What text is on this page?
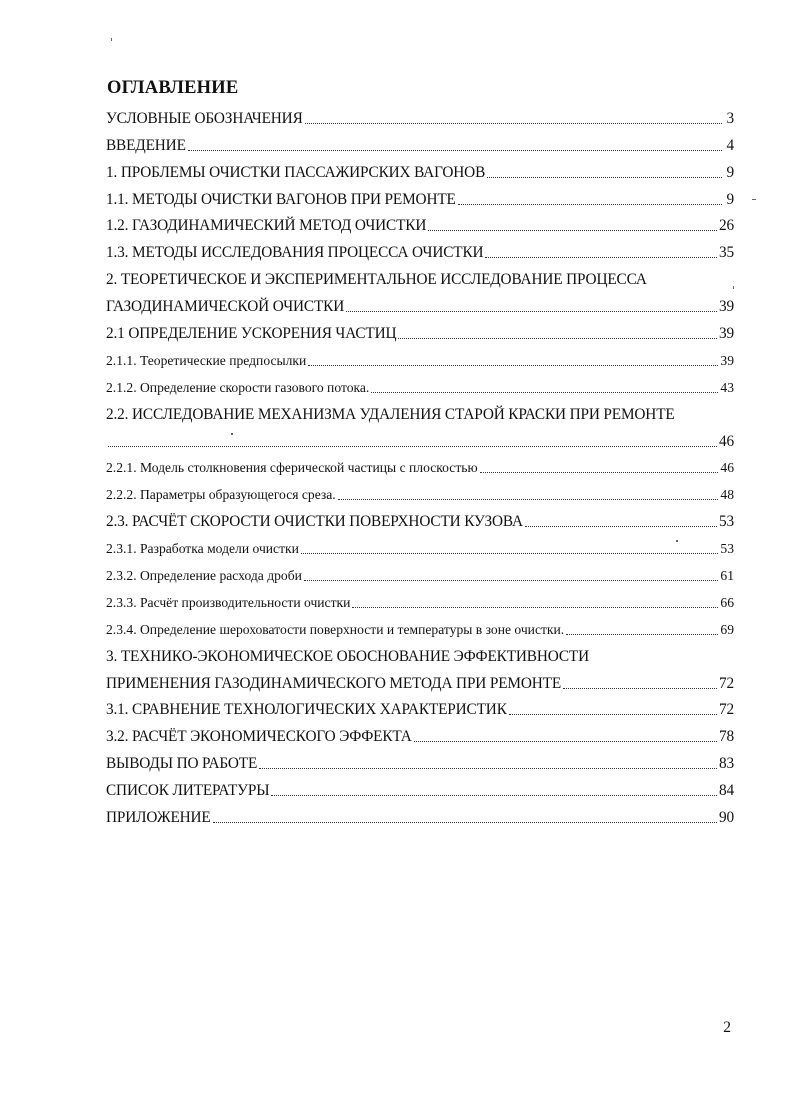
ОГЛАВЛЕНИЕ
УСЛОВНЫЕ ОБОЗНАЧЕНИЯ	3
ВВЕДЕНИЕ	4
1. ПРОБЛЕМЫ ОЧИСТКИ ПАССАЖИРСКИХ ВАГОНОВ	9
1.1. МЕТОДЫ ОЧИСТКИ ВАГОНОВ ПРИ РЕМОНТЕ	9
1.2. ГАЗОДИНАМИЧЕСКИЙ МЕТОД ОЧИСТКИ	26
1.3. МЕТОДЫ ИССЛЕДОВАНИЯ ПРОЦЕССА ОЧИСТКИ	35
2. ТЕОРЕТИЧЕСКОЕ И ЭКСПЕРИМЕНТАЛЬНОЕ ИССЛЕДОВАНИЕ ПРОЦЕССА
ГАЗОДИНАМИЧЕСКОЙ ОЧИСТКИ	39
2.1 ОПРЕДЕЛЕНИЕ УСКОРЕНИЯ ЧАСТИЦ	39
2.1.1. Теоретические предпосылки	39
2.1.2. Определение скорости газового потока.	43
2.2. ИССЛЕДОВАНИЕ МЕХАНИЗМА УДАЛЕНИЯ СТАРОЙ КРАСКИ ПРИ РЕМОНТЕ
46
2.2.1. Модель столкновения сферической частицы с плоскостью	46
2.2.2. Параметры образующегося среза.	48
2.3. РАСЧЁТ СКОРОСТИ ОЧИСТКИ ПОВЕРХНОСТИ КУЗОВА	53
2.3.1. Разработка модели очистки	53
2.3.2. Определение расхода дроби	61
2.3.3. Расчёт производительности очистки	66
2.3.4. Определение шероховатости поверхности и температуры в зоне очистки.	69
3. ТЕХНИКО-ЭКОНОМИЧЕСКОЕ ОБОСНОВАНИЕ ЭФФЕКТИВНОСТИ
ПРИМЕНЕНИЯ ГАЗОДИНАМИЧЕСКОГО МЕТОДА ПРИ РЕМОНТЕ	72
3.1. СРАВНЕНИЕ ТЕХНОЛОГИЧЕСКИХ ХАРАКТЕРИСТИК	72
3.2. РАСЧЁТ ЭКОНОМИЧЕСКОГО ЭФФЕКТА	78
ВЫВОДЫ ПО РАБОТЕ	83
СПИСОК ЛИТЕРАТУРЫ	84
ПРИЛОЖЕНИЕ	90
2
